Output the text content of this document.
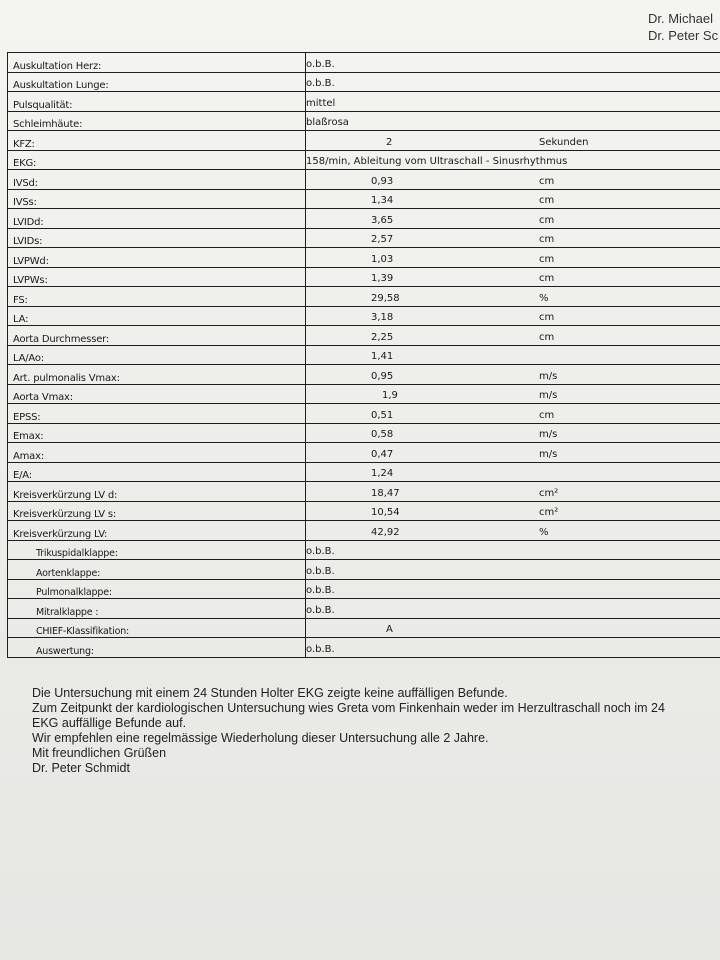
Dr. Michael
Dr. Peter Sc
Auskultation Herz:	o.b.B.

Auskultation Lunge:	o.b.B.

Pulsqualität:	mittel

Schleimhäute:	blaßrosa

KFZ:	2 Sekunden

EKG:	158/min, Ableitung vom Ultraschall - Sinusrhythmus

IVSd:	0,93 cm

IVSs:	1,34 cm

LVIDd:	3,65 cm

LVIDs:	2,57 cm

LVPWd:	1,03 cm

LVPWs:	1,39 cm

FS:	29,58 %

LA:	3,18 cm

Aorta Durchmesser:	2,25 cm

LA/Ao:	1,41

Art. pulmonalis Vmax:	0,95 m/s

Aorta Vmax:	1,9 m/s

EPSS:	0,51 cm

Emax:	0,58 m/s

Amax:	0,47 m/s

E/A:	1,24

Kreisverkürzung LV d:	18,47 cm²

Kreisverkürzung LV s:	10,54 cm²

Kreisverkürzung LV:	42,92 %

Trikuspidalklappe:	o.b.B.

Aortenklappe:	o.b.B.

Pulmonalklappe:	o.b.B.

Mitralklappe :	o.b.B.

CHIEF-Klassifikation:	A

Auswertung:	o.b.B.

Die Untersuchung mit einem 24 Stunden Holter EKG zeigte keine auffälligen Befunde.

Zum Zeitpunkt der kardiologischen Untersuchung wies Greta vom Finkenhain weder im Herzultraschall noch im 24

EKG auffällige Befunde auf.

Wir empfehlen eine regelmässige Wiederholung dieser Untersuchung alle 2 Jahre.

Mit freundlichen Grüßen

Dr. Peter Schmidt
